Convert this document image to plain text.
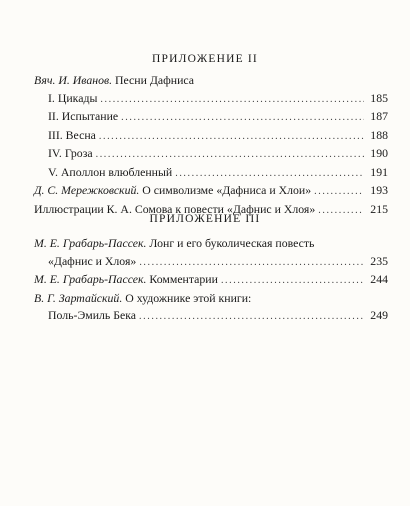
ПРИЛОЖЕНИЕ II
Вяч. И. Иванов. Песни Дафниса
I. Цикады .....	185
II. Испытание .....	187
III. Весна .....	188
IV. Гроза .....	190
V. Аполлон влюбленный .....	191
Д. С. Мережковский. О символизме «Дафниса и Хлои» .....	193
Иллюстрации К. А. Сомова к повести «Дафнис и Хлоя» .....	215
ПРИЛОЖЕНИЕ III
М. Е. Грабарь-Пассек. Лонг и его буколическая повесть
«Дафнис и Хлоя» .....	235
М. Е. Грабарь-Пассек. Комментарии .....	244
В. Г. Зартайский. О художнике этой книги:
Поль-Эмиль Бека .....	249
